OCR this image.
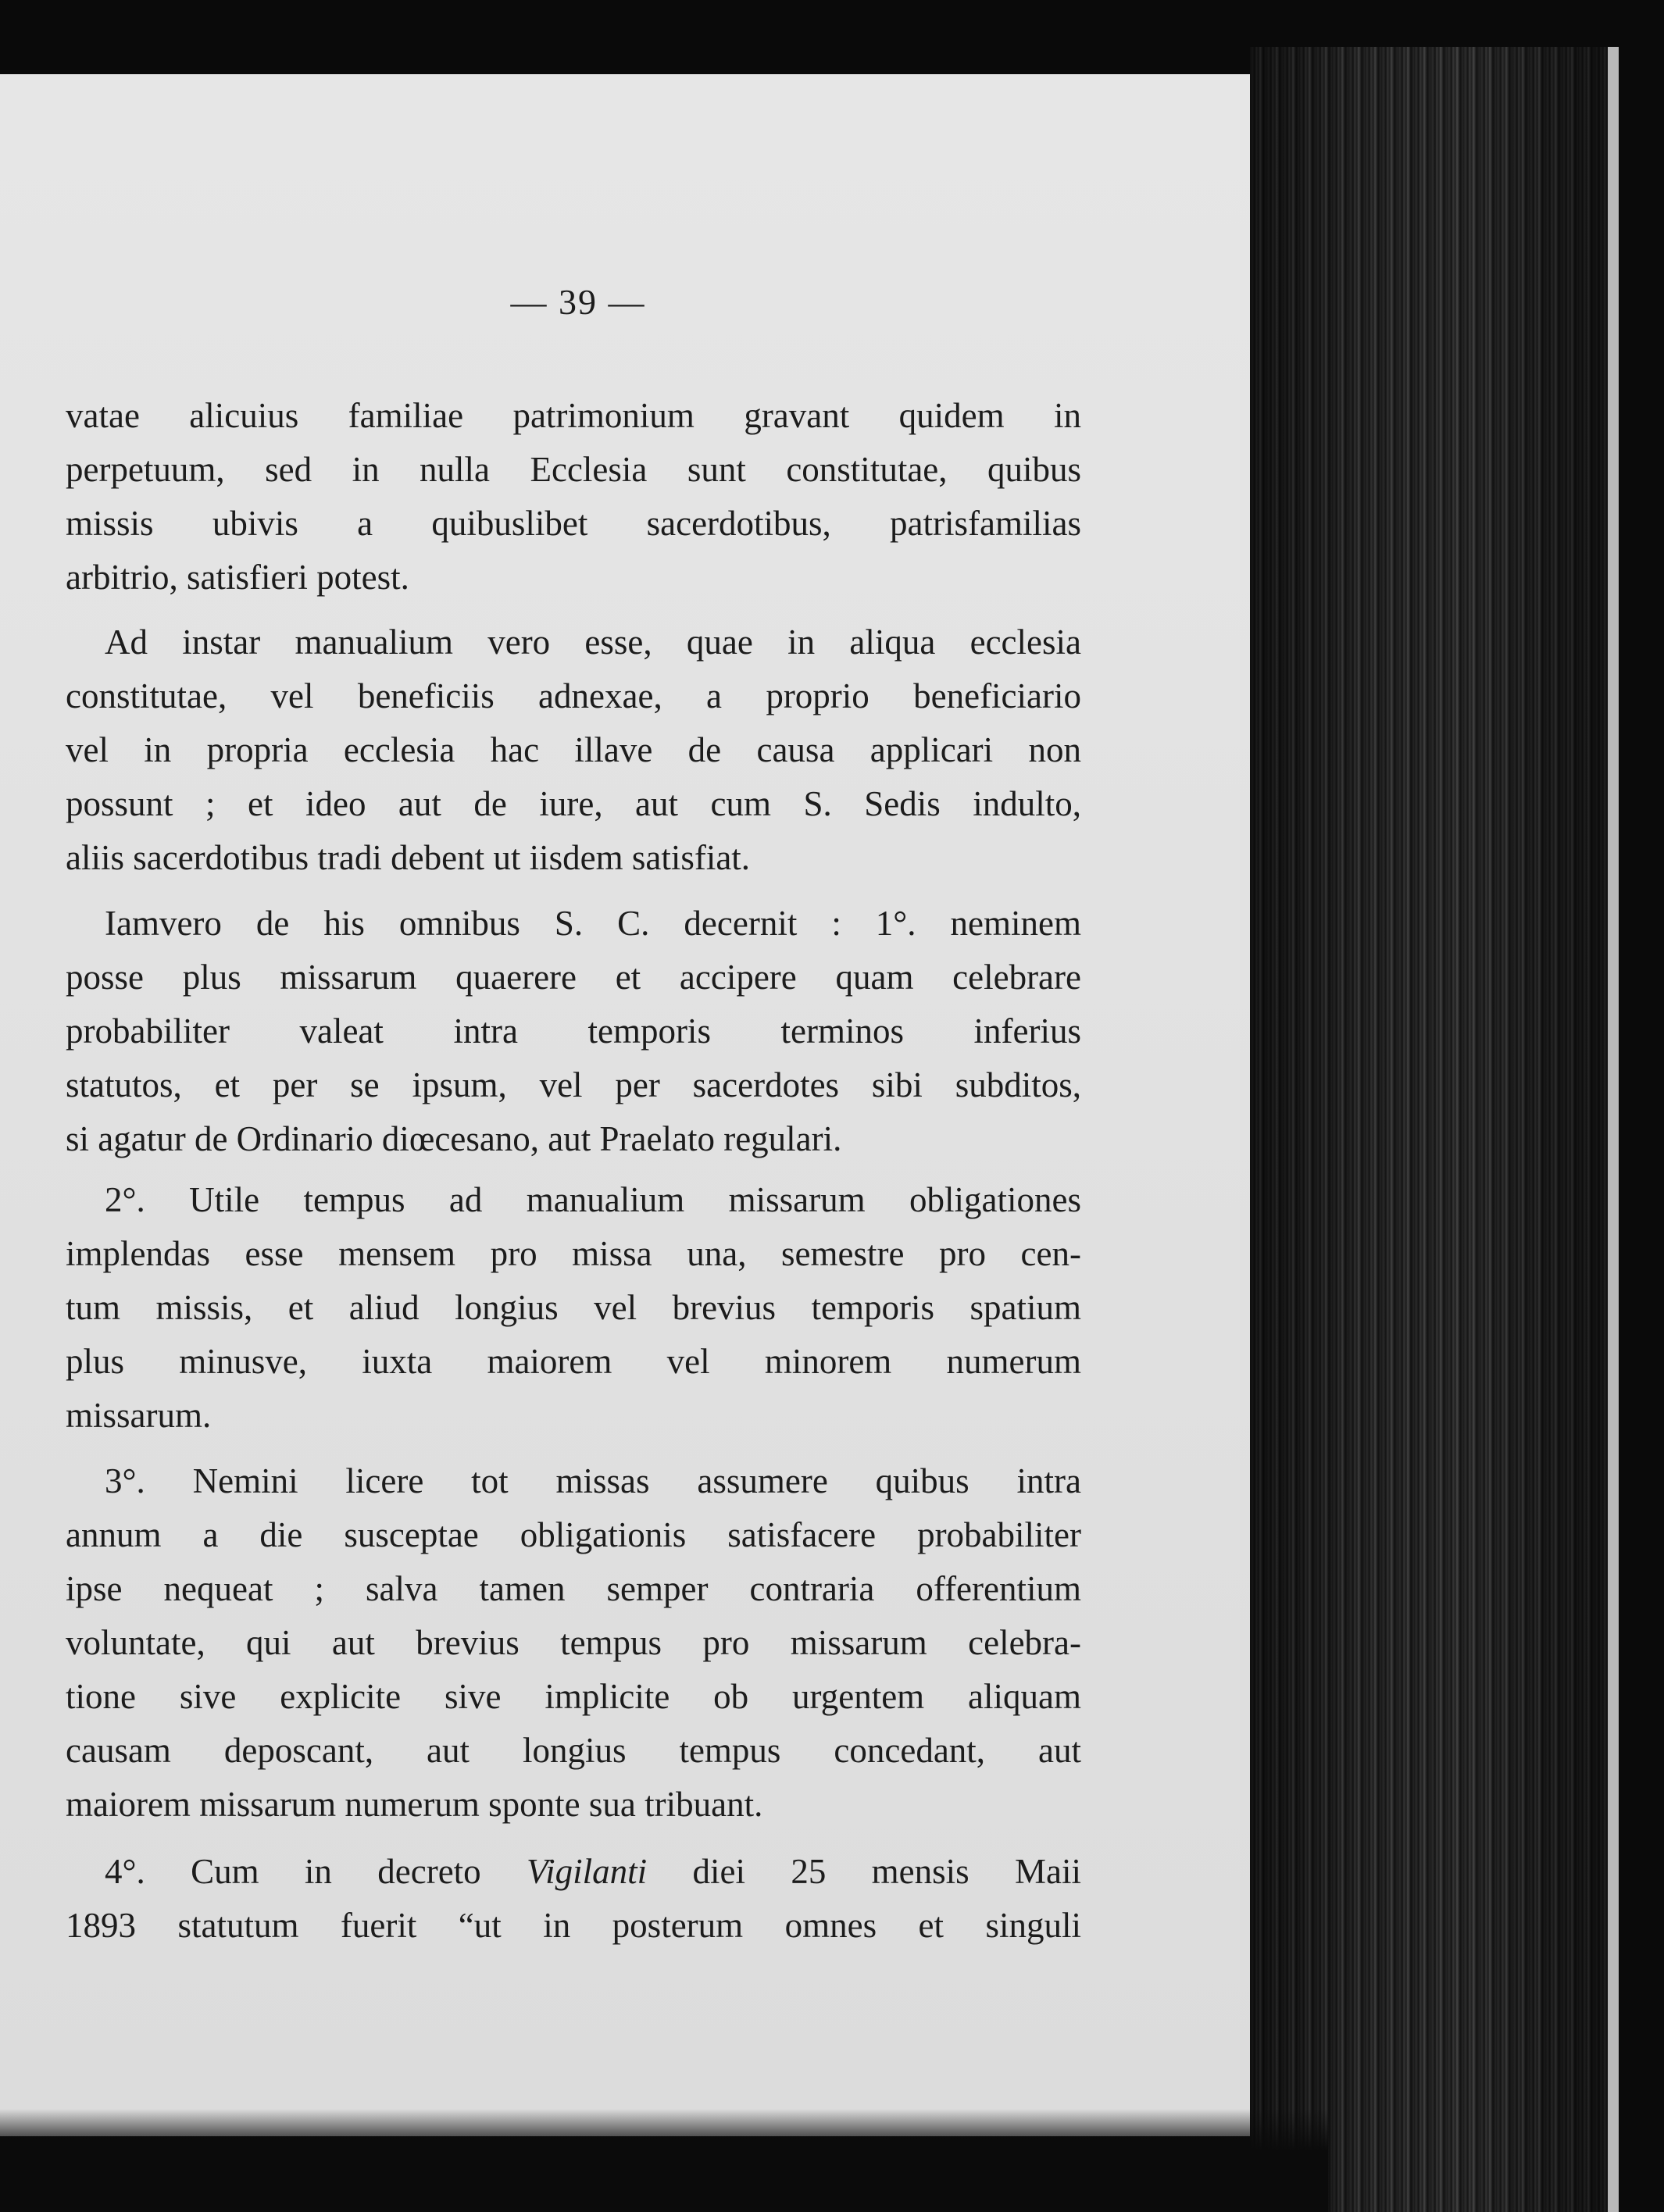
— 39 —
vatae alicuius familiae patrimonium gravant quidem in
perpetuum, sed in nulla Ecclesia sunt constitutae, quibus
missis ubivis a quibuslibet sacerdotibus, patrisfamilias
arbitrio, satisfieri potest.
Ad instar manualium vero esse, quae in aliqua ecclesia
constitutae, vel beneficiis adnexae, a proprio beneficiario
vel in propria ecclesia hac illave de causa applicari non
possunt ; et ideo aut de iure, aut cum S. Sedis indulto,
aliis sacerdotibus tradi debent ut iisdem satisfiat.
Iamvero de his omnibus S. C. decernit : 1°. neminem
posse plus missarum quaerere et accipere quam celebrare
probabiliter valeat intra temporis terminos inferius
statutos, et per se ipsum, vel per sacerdotes sibi subditos,
si agatur de Ordinario diœcesano, aut Praelato regulari.
2°. Utile tempus ad manualium missarum obligationes
implendas esse mensem pro missa una, semestre pro cen-
tum missis, et aliud longius vel brevius temporis spatium
plus minusve, iuxta maiorem vel minorem numerum
missarum.
3°. Nemini licere tot missas assumere quibus intra
annum a die susceptae obligationis satisfacere probabiliter
ipse nequeat ; salva tamen semper contraria offerentium
voluntate, qui aut brevius tempus pro missarum celebra-
tione sive explicite sive implicite ob urgentem aliquam
causam deposcant, aut longius tempus concedant, aut
maiorem missarum numerum sponte sua tribuant.
4°. Cum in decreto Vigilanti diei 25 mensis Maii
1893 statutum fuerit “ut in posterum omnes et singuli
